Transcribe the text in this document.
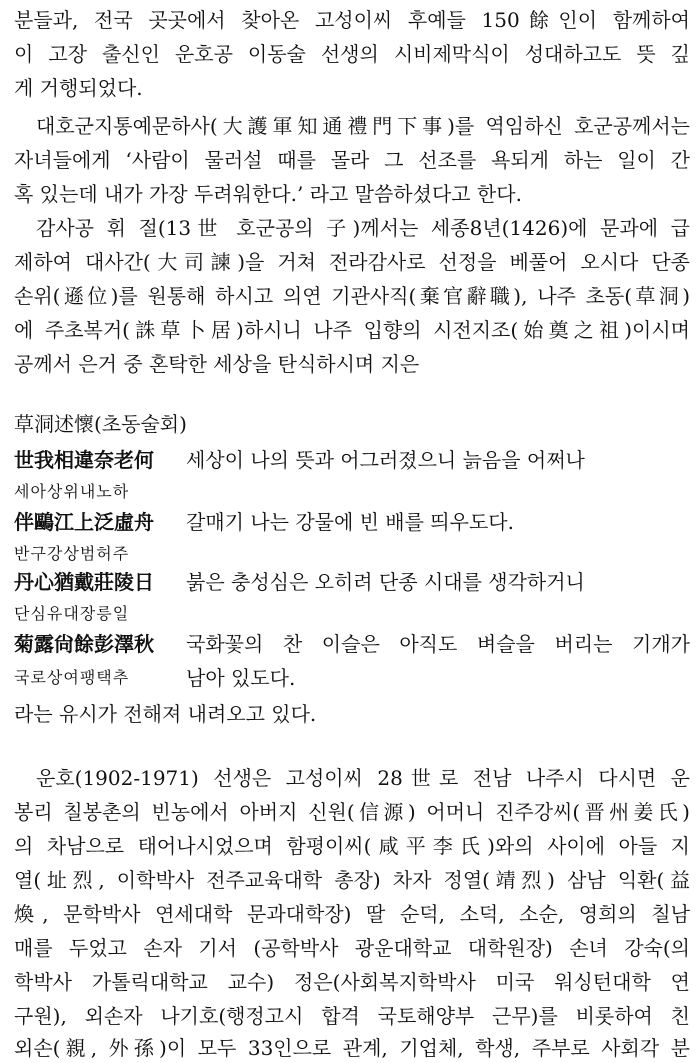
분들과, 전국 곳곳에서 찾아온 고성이씨 후예들 150餘인이 함께하여
이 고장 출신인 운호공 이동술 선생의 시비제막식이 성대하고도 뜻 깊
게 거행되었다.
대호군지통예문하사(大護軍知通禮門下事)를 역임하신 호군공께서는
자녀들에게 ‘사람이 물러설 때를 몰라 그 선조를 욕되게 하는 일이 간
혹 있는데 내가 가장 두려워한다.’ 라고 말씀하셨다고 한다.
감사공 휘 절(13世 호군공의 子)께서는 세종8년(1426)에 문과에 급
제하여 대사간(大司諫)을 거쳐 전라감사로 선정을 베풀어 오시다 단종
손위(遜位)를 원통해 하시고 의연 기관사직(棄官辭職), 나주 초동(草洞)
에 주초복거(誅草卜居)하시니 나주 입향의 시전지조(始奠之祖)이시며
공께서 은거 중 혼탁한 세상을 탄식하시며 지은
草洞述懷(초동술회)
世我相違奈老何 세상이 나의 뜻과 어그러졌으니 늙음을 어쩌나
세아상위내노하
伴鷗江上泛虛舟 갈매기 나는 강물에 빈 배를 띄우도다.
반구강상범허주
丹心猶戴莊陵日 붉은 충성심은 오히려 단종 시대를 생각하거니
단심유대장릉일
菊露尙餘彭澤秋 국화꽃의 찬 이슬은 아직도 벼슬을 버리는 기개가
국로상여팽택추	남아 있도다.
라는 유시가 전해져 내려오고 있다.
운호(1902-1971) 선생은 고성이씨 28世로 전남 나주시 다시면 운
봉리 칠봉촌의 빈농에서 아버지 신원(信源) 어머니 진주강씨(晋州姜氏)
의 차남으로 태어나시었으며 함평이씨(咸平李氏)와의 사이에 아들 지
열(址烈, 이학박사 전주교육대학 총장) 차자 정열(靖烈) 삼남 익환(益
煥, 문학박사 연세대학 문과대학장) 딸 순덕, 소덕, 소순, 영희의 칠남
매를 두었고 손자 기서 (공학박사 광운대학교 대학원장) 손녀 강숙(의
학박사 가톨릭대학교 교수) 정은(사회복지학박사 미국 워싱턴대학 연
구원), 외손자 나기호(행정고시 합격 국토해양부 근무)를 비롯하여 친
외손(親, 外孫)이 모두 33인으로 관계, 기업체, 학생, 주부로 사회각 분
